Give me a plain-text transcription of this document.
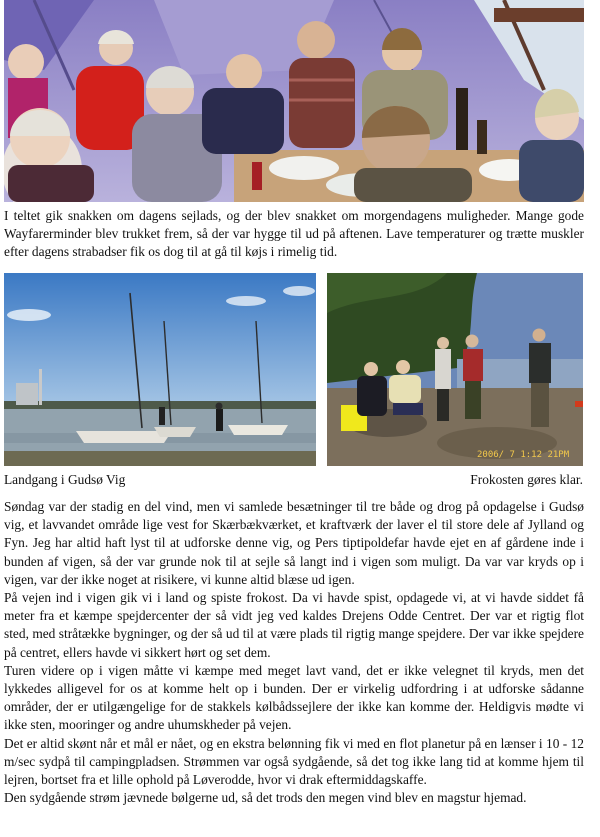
I teltet gik snakken om dagens sejlads, og der blev snakket om morgendagens muligheder. Mange gode Wayfarerminder blev trukket frem, så der var hygge til ud på aftenen. Lave temperaturer og trætte muskler efter dagens strabadser fik os dog til at gå til køjs i rimelig tid.
2006/ 7 1:12 21PM
Landgang i Gudsø Vig	Frokosten gøres klar.

Søndag var der stadig en del vind, men vi samlede besætninger til tre både og drog på opdagelse i Gudsø vig, et lavvandet område lige vest for Skærbækværket, et kraftværk der laver el til store dele af Jylland og Fyn. Jeg har altid haft lyst til at udforske denne vig, og Pers tiptipoldefar havde ejet en af gårdene inde i bunden af vigen, så der var grunde nok til at sejle så langt ind i vigen som muligt. Da var var kryds op i vigen, var der ikke noget at risikere, vi kunne altid blæse ud igen.

På vejen ind i vigen gik vi i land og spiste frokost. Da vi havde spist, opdagede vi, at vi havde siddet få meter fra et kæmpe spejdercenter der så vidt jeg ved kaldes Drejens Odde Centret. Der var et rigtig flot sted, med stråtække bygninger, og der så ud til at være plads til rigtig mange spejdere. Der var ikke spejdere på centret, ellers havde vi sikkert hørt og set dem.

Turen videre op i vigen måtte vi kæmpe med meget lavt vand, det er ikke velegnet til kryds, men det lykkedes alligevel for os at komme helt op i bunden. Der er virkelig udfordring i at udforske sådanne områder, der er utilgængelige for de stakkels kølbådssejlere der ikke kan komme der. Heldigvis mødte vi ikke sten, mooringer og andre uhumskheder på vejen.

Det er altid skønt når et mål er nået, og en ekstra belønning fik vi med en flot planetur på en lænser i 10 - 12 m/sec sydpå til campingpladsen. Strømmen var også sydgående, så det tog ikke lang tid at komme hjem til lejren, bortset fra et lille ophold på Løverodde, hvor vi drak eftermiddagskaffe.

Den sydgående strøm jævnede bølgerne ud, så det trods den megen vind blev en magstur hjemad.
